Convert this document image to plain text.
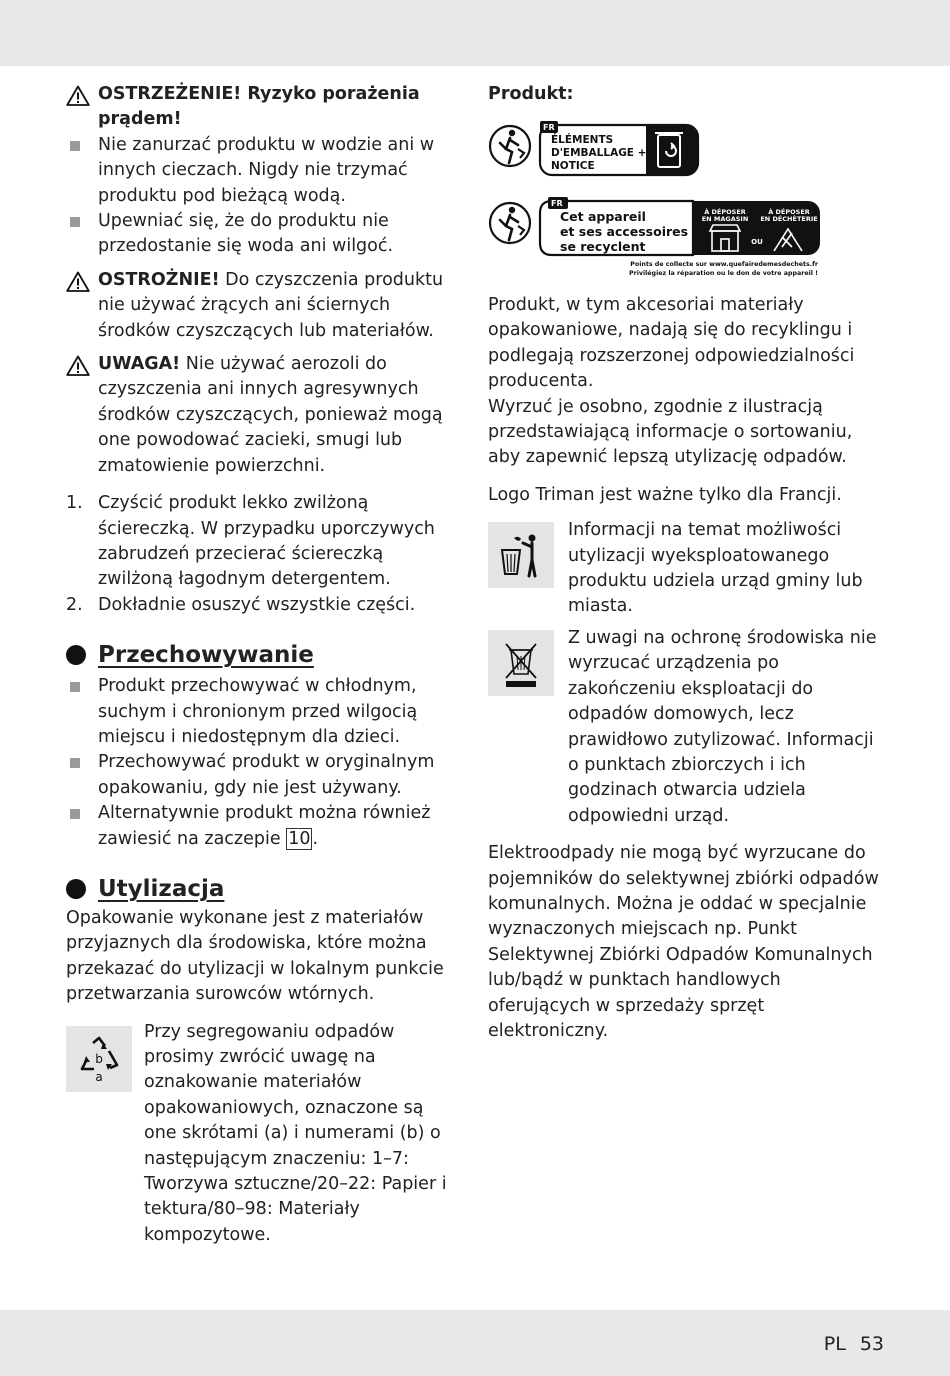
OSTRZEŻENIE! Ryzyko porażenia prądem!

Nie zanurzać produktu w wodzie ani w innych cieczach. Nigdy nie trzymać produktu pod bieżącą wodą.

Upewniać się, że do produktu nie przedostanie się woda ani wilgoć.

OSTROŻNIE! Do czyszczenia produktu nie używać żrących ani ściernych środków czyszczących lub materiałów.

UWAGA! Nie używać aerozoli do czyszczenia ani innych agresywnych środków czyszczących, ponieważ mogą one powodować zacieki, smugi lub zmatowienie powierzchni.

1. Czyścić produkt lekko zwilżoną ściereczką. W przypadku uporczywych zabrudzeń przecierać ściereczką zwilżoną łagodnym detergentem.

2. Dokładnie osuszyć wszystkie części.

Przechowywanie

Produkt przechowywać w chłodnym, suchym i chronionym przed wilgocią miejscu i niedostępnym dla dzieci.

Przechowywać produkt w oryginalnym opakowaniu, gdy nie jest używany.

Alternatywnie produkt można również zawiesić na zaczepie 10 .

Utylizacja

Opakowanie wykonane jest z materiałów przyjaznych dla środowiska, które można przekazać do utylizacji w lokalnym punkcie przetwarzania surowców wtórnych.

b
a

Przy segregowaniu odpadów prosimy zwrócić uwagę na oznakowanie materiałów opakowaniowych, oznaczone są one skrótami (a) i numerami (b) o następującym znaczeniu: 1–7: Tworzywa sztuczne/20–22: Papier i tektura/80–98: Materiały kompozytowe.

Produkt:
FR
ÉLÉMENTS
D'EMBALLAGE +
NOTICE
FR
Cet appareil
et ses accessoires
se recyclent
À DÉPOSER
EN MAGASIN
OU
À DÉPOSER
EN DÉCHÈTERIE
Points de collecte sur www.quefairedemesdechets.fr
Privilégiez la réparation ou le don de votre appareil !

Produkt, w tym akcesoriai materiały opakowaniowe, nadają się do recyklingu i podlegają rozszerzonej odpowiedzialności producenta.

Wyrzuć je osobno, zgodnie z ilustracją przedstawiającą informacje o sortowaniu, aby zapewnić lepszą utylizację odpadów.

Logo Triman jest ważne tylko dla Francji.

Informacji na temat możliwości utylizacji wyeksploatowanego produktu udziela urząd gminy lub miasta.

Z uwagi na ochronę środowiska nie wyrzucać urządzenia po zakończeniu eksploatacji do odpadów domowych, lecz prawidłowo zutylizować. Informacji o punktach zbiorczych i ich godzinach otwarcia udziela odpowiedni urząd.

Elektroodpady nie mogą być wyrzucane do pojemników do selektywnej zbiórki odpadów komunalnych. Można je oddać w specjalnie wyznaczonych miejscach np. Punkt Selektywnej Zbiórki Odpadów Komunalnych lub/bądź w punktach handlowych oferujących w sprzedaży sprzęt elektroniczny.

PL 53
